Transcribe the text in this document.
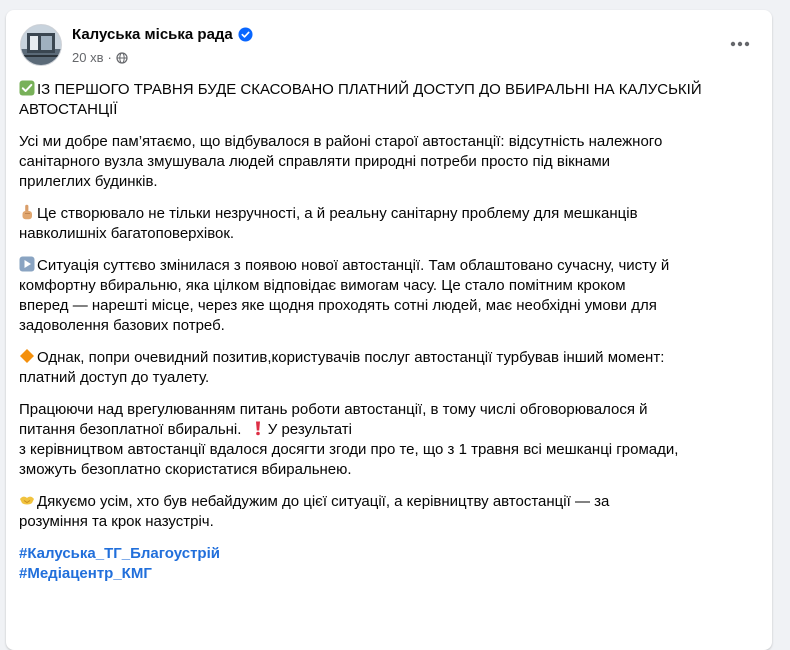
Калуська міська рада
20 хв ·

ІЗ ПЕРШОГО ТРАВНЯ БУДЕ СКАСОВАНО ПЛАТНИЙ ДОСТУП ДО ВБИРАЛЬНІ НА КАЛУСЬКІЙ
АВТОСТАНЦІЇ

Усі ми добре пам’ятаємо, що відбувалося в районі старої автостанції: відсутність належного
санітарного вузла змушувала людей справляти природні потреби просто під вікнами
прилеглих будинків.

Це створювало не тільки незручності, а й реальну санітарну проблему для мешканців
навколишніх багатоповерхівок.

Ситуація суттєво змінилася з появою нової автостанції. Там облаштовано сучасну, чисту й
комфортну вбиральню, яка цілком відповідає вимогам часу. Це стало помітним кроком
вперед — нарешті місце, через яке щодня проходять сотні людей, має необхідні умови для
задоволення базових потреб.

Однак, попри очевидний позитив,користувачів послуг автостанції турбував інший момент:
платний доступ до туалету.

Працюючи над врегулюванням питань роботи автостанції, в тому числі обговорювалося й
питання безоплатної вбиральні. У результаті
з керівництвом автостанції вдалося досягти згоди про те, що з 1 травня всі мешканці громади,
зможуть безоплатно скористатися вбиральнею.

Дякуємо усім, хто був небайдужим до цієї ситуації, а керівництву автостанції — за
розуміння та крок назустріч.

#Калуська_ТГ_Благоустрій
#Медіацентр_КМГ
